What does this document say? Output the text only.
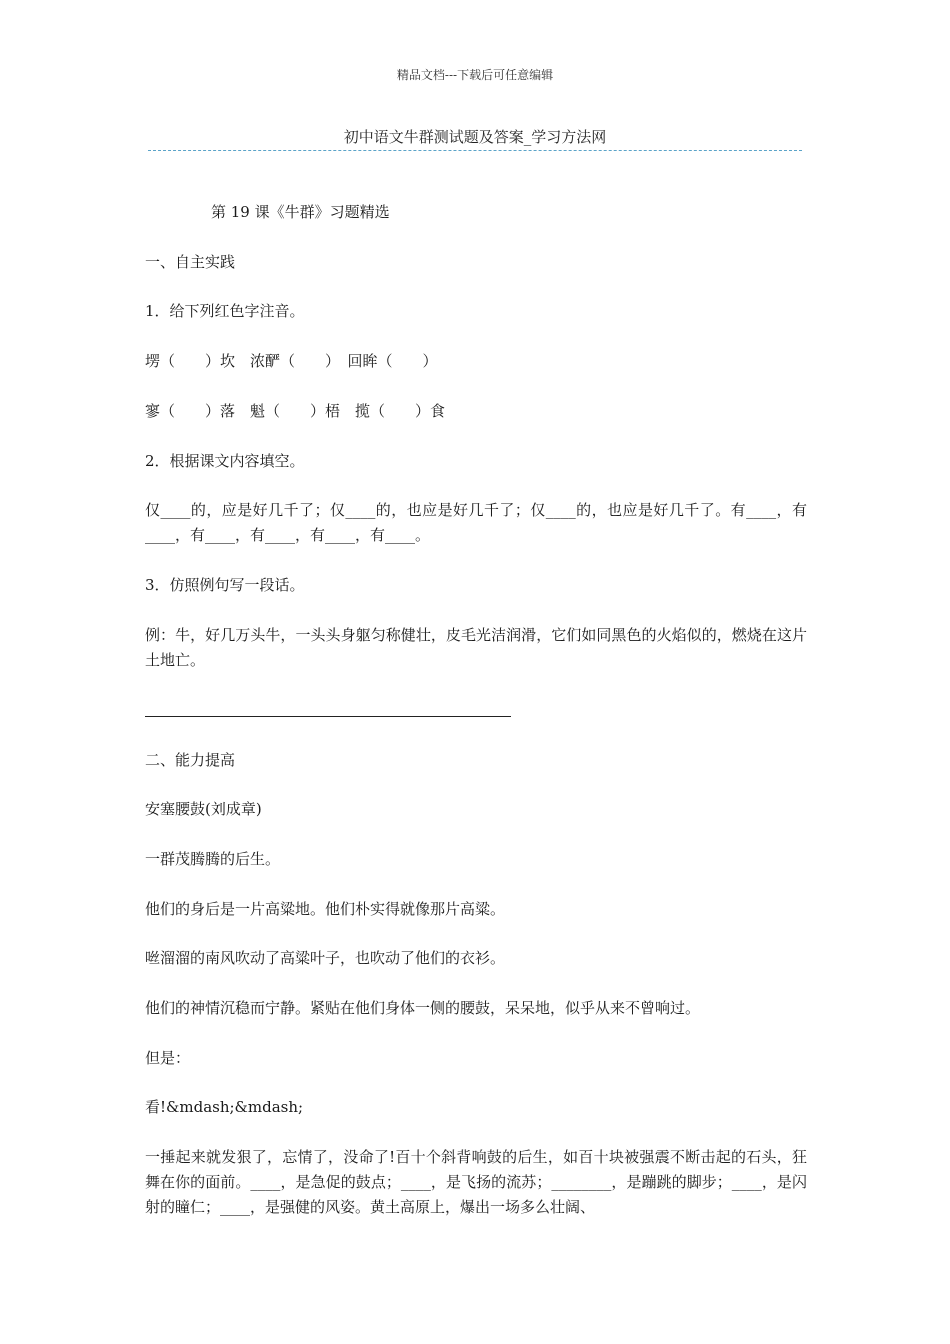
精品文档---下载后可任意编辑
初中语文牛群测试题及答案_学习方法网
第 19 课《牛群》习题精选
一、自主实践
1．给下列红色字注音。
塄（　　）坎　浓酽（　　）　回眸（　　）
寥（　　）落　魁（　　）梧　揽（　　）食
2．根据课文内容填空。
仅____的，应是好几千了；仅____的，也应是好几千了；仅____的，也应是好几千了。有____，有____，有____，有____，有____，有____。
3．仿照例句写一段话。
例：牛，好几万头牛，一头头身躯匀称健壮，皮毛光洁润滑，它们如同黑色的火焰似的，燃烧在这片土地亡。
二、能力提高
安塞腰鼓(刘成章)
一群茂腾腾的后生。
他们的身后是一片高粱地。他们朴实得就像那片高粱。
咝溜溜的南风吹动了高粱叶子，也吹动了他们的衣衫。
他们的神情沉稳而宁静。紧贴在他们身体一侧的腰鼓，呆呆地，似乎从来不曾响过。
但是：
看!&mdash;&mdash;
一捶起来就发狠了，忘情了，没命了!百十个斜背响鼓的后生，如百十块被强震不断击起的石头，狂舞在你的面前。____，是急促的鼓点；____，是飞扬的流苏；________，是蹦跳的脚步；____，是闪射的瞳仁；____，是强健的风姿。黄土高原上，爆出一场多么壮阔、
